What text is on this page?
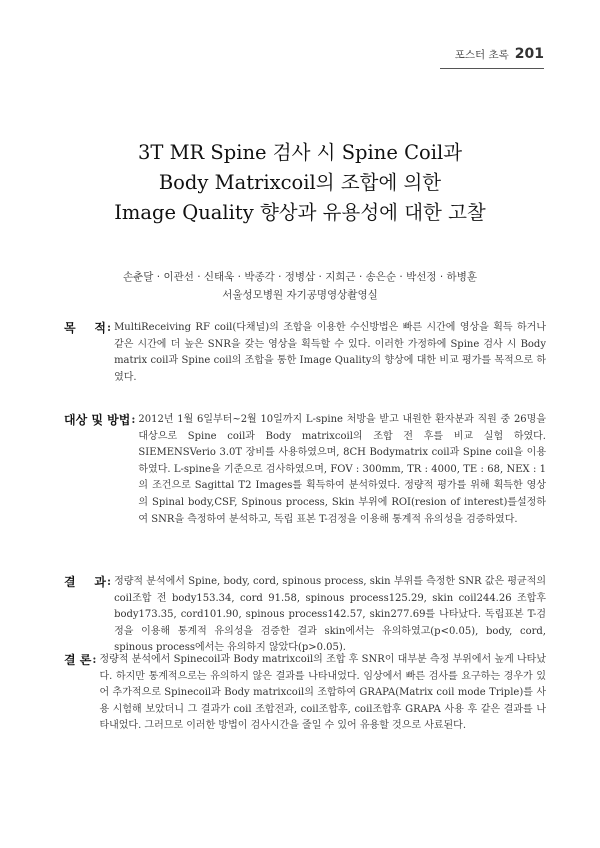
포스터 초록 201
3T MR Spine 검사 시 Spine Coil과
Body Matrixcoil의 조합에 의한
Image Quality 향상과 유용성에 대한 고찰
손춘달 · 이관선 · 신태욱 · 박종각 · 정병삼 · 지희근 · 송은순 · 박선정 · 하병훈
서울성모병원 자기공명영상촬영실
목 적 : MultiReceiving RF coil(다채널)의 조합을 이용한 수신방법은 빠른 시간에 영상을 획득 하거나 같은 시간에 더 높은 SNR을 갖는 영상을 획득할 수 있다. 이러한 가정하에 Spine 검사 시 Body matrix coil과 Spine coil의 조합을 통한 Image Quality의 향상에 대한 비교 평가를 목적으로 하였다.
대상 및 방법 : 2012년 1월 6일부터~2월 10일까지 L-spine 처방을 받고 내원한 환자분과 직원 중 26명을 대상으로 Spine coil과 Body matrixcoil의 조합 전 후를 비교 실험 하였다. SIEMENSVerio 3.0T 장비를 사용하였으며, 8CH Bodymatrix coil과 Spine coil을 이용하였다. L-spine을 기준으로 검사하였으며, FOV : 300mm, TR : 4000, TE : 68, NEX : 1의 조건으로 Sagittal T2 Images를 획득하여 분석하였다. 정량적 평가를 위해 획득한 영상의 Spinal body,CSF, Spinous process, Skin 부위에 ROI(resion of interest)를설정하여 SNR을 측정하여 분석하고, 독립 표본 T-검정을 이용해 통계적 유의성을 검증하였다.
결 과 : 정량적 분석에서 Spine, body, cord, spinous process, skin 부위를 측정한 SNR 값은 평균적의 coil조합 전 body153.34, cord 91.58, spinous process125.29, skin coil244.26 조합후 body173.35, cord101.90, spinous process142.57, skin277.69를 나타났다. 독립표본 T-검정을 이용해 통계적 유의성을 검증한 결과 skin에서는 유의하였고(p<0.05), body, cord, spinous process에서는 유의하지 않았다(p>0.05).
결 론 : 정량적 분석에서 Spinecoil과 Body matrixcoil의 조합 후 SNR이 대부분 측정 부위에서 높게 나타났다. 하지만 통계적으로는 유의하지 않은 결과를 나타내었다. 임상에서 빠른 검사를 요구하는 경우가 있어 추가적으로 Spinecoil과 Body matrixcoil의 조합하여 GRAPA(Matrix coil mode Triple)를 사용 시험해 보았더니 그 결과가 coil 조합전과, coil조합후, coil조합후 GRAPA 사용 후 같은 결과를 나타내었다. 그러므로 이러한 방법이 검사시간을 줄일 수 있어 유용할 것으로 사료된다.
